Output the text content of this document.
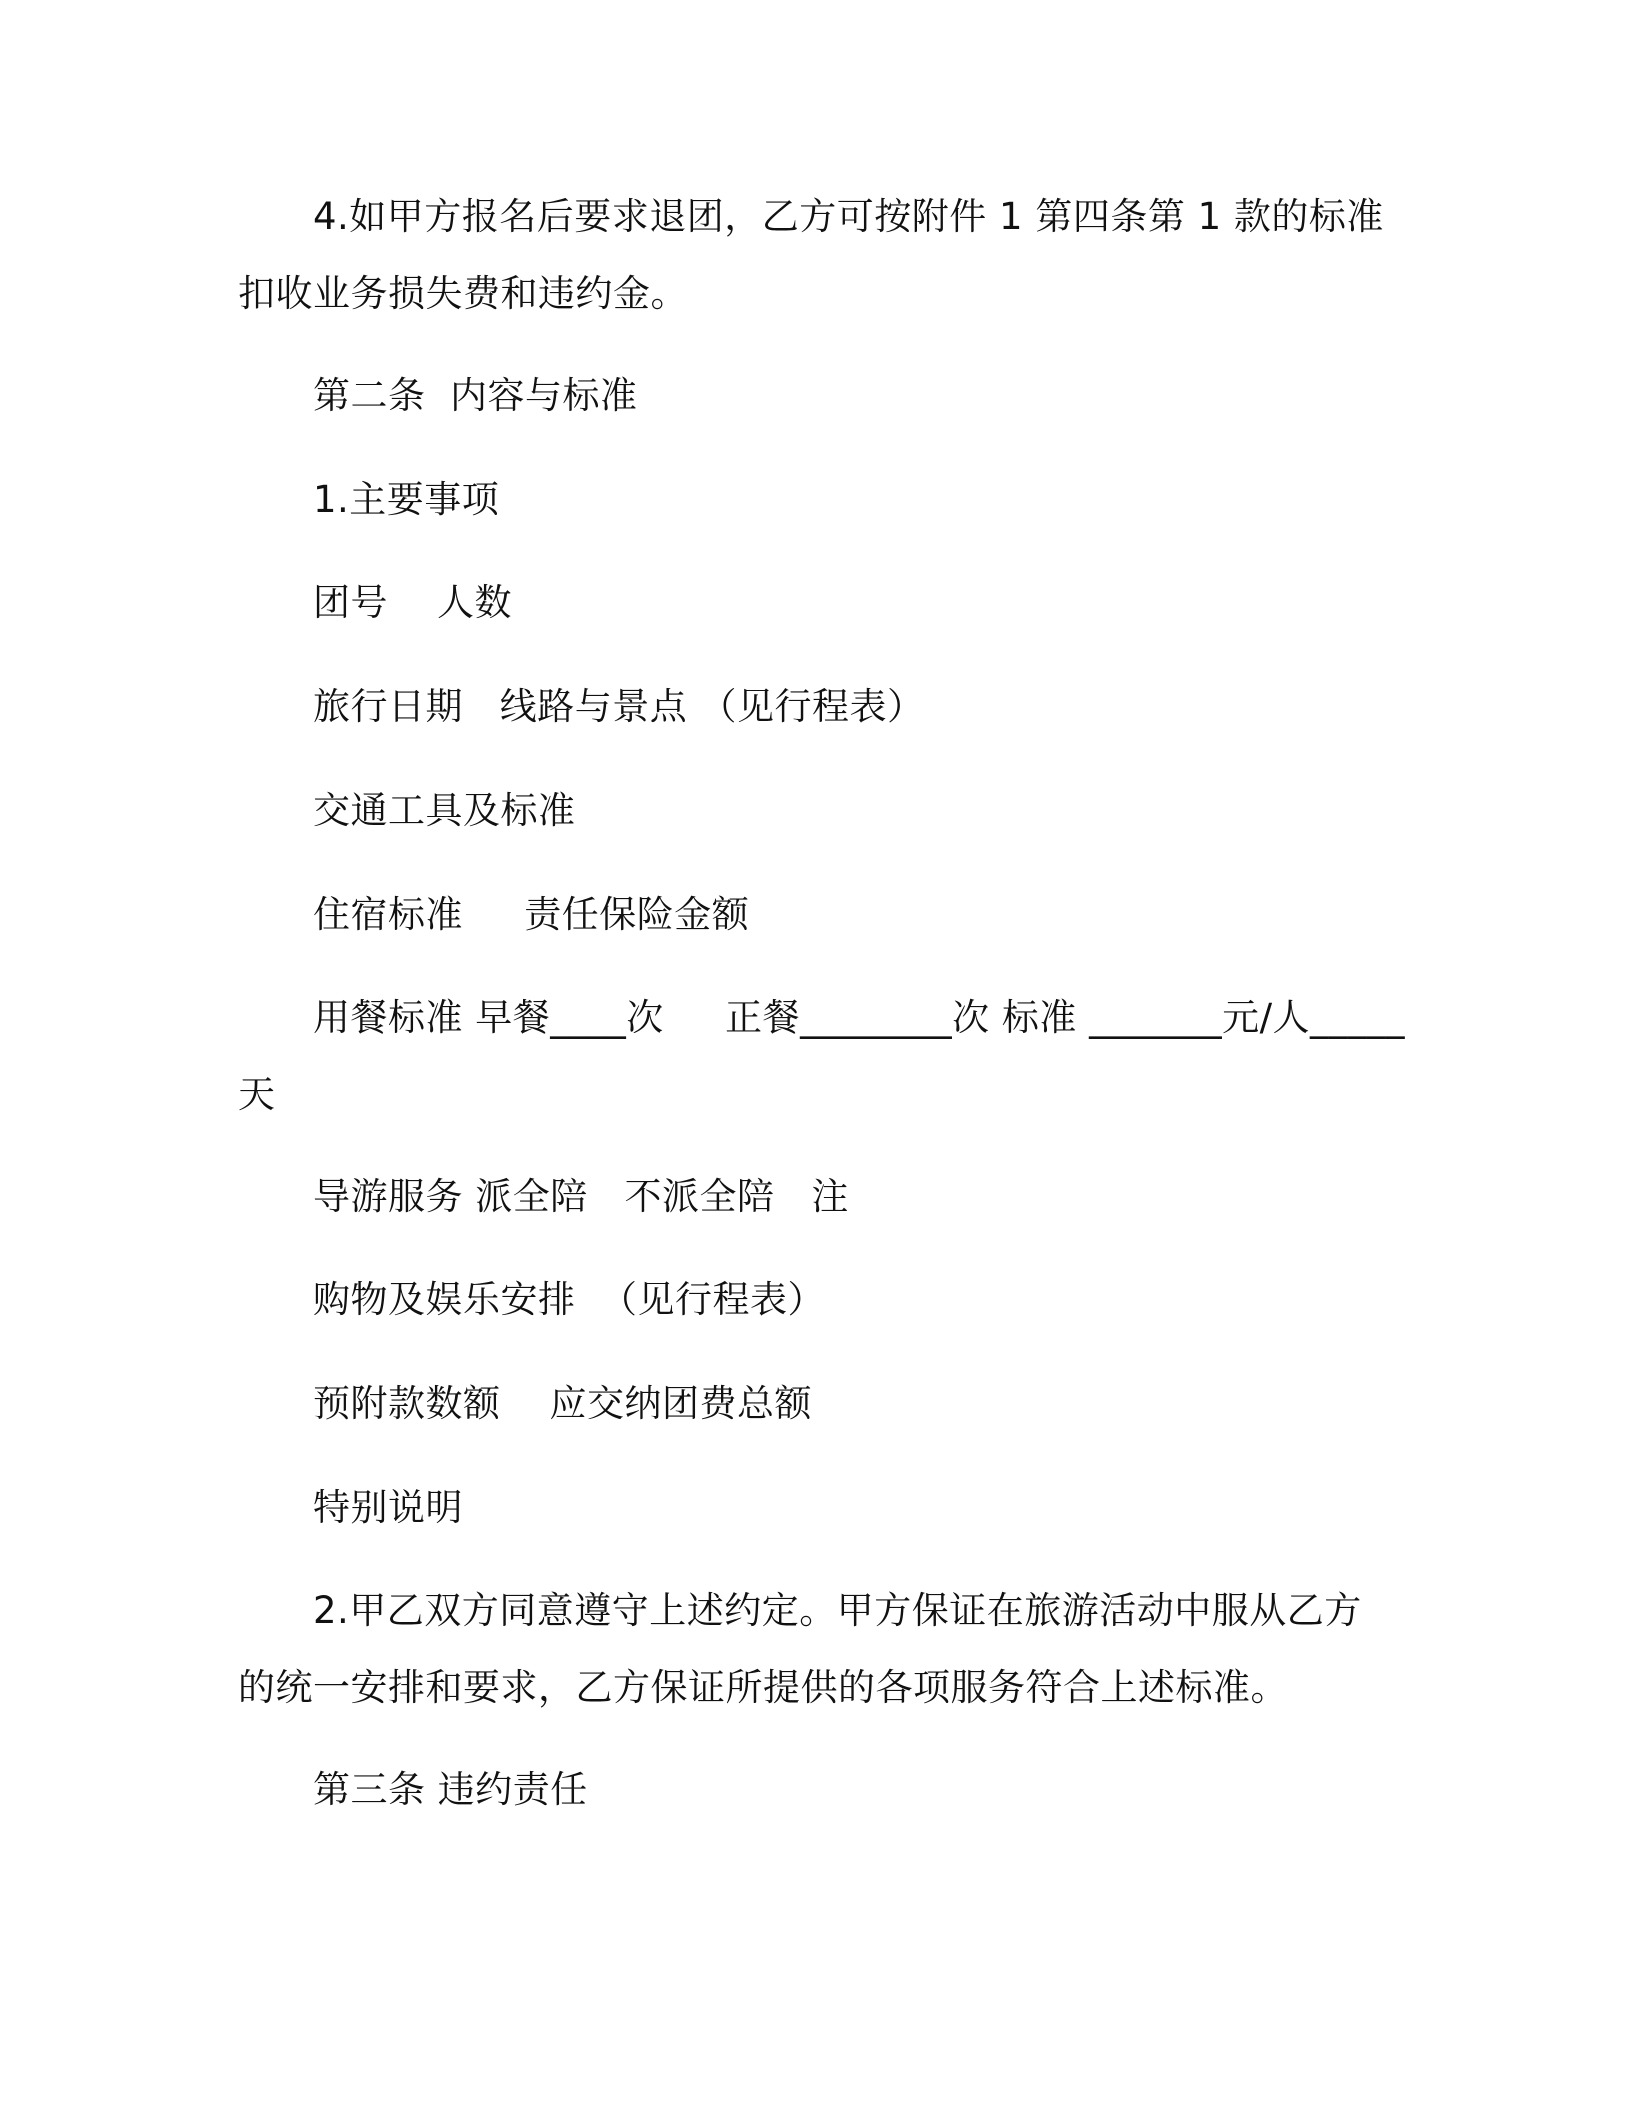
4.如甲方报名后要求退团，乙方可按附件 1 第四条第 1 款的标准
扣收业务损失费和违约金。
第二条  内容与标准
1.主要事项
团号    人数
旅行日期   线路与景点 （见行程表）
交通工具及标准
住宿标准     责任保险金额
用餐标准 早餐____次     正餐________次 标准 _______元/人_____
天
导游服务 派全陪   不派全陪   注
购物及娱乐安排  （见行程表）
预附款数额    应交纳团费总额
特别说明
2.甲乙双方同意遵守上述约定。甲方保证在旅游活动中服从乙方
的统一安排和要求，乙方保证所提供的各项服务符合上述标准。
第三条 违约责任
